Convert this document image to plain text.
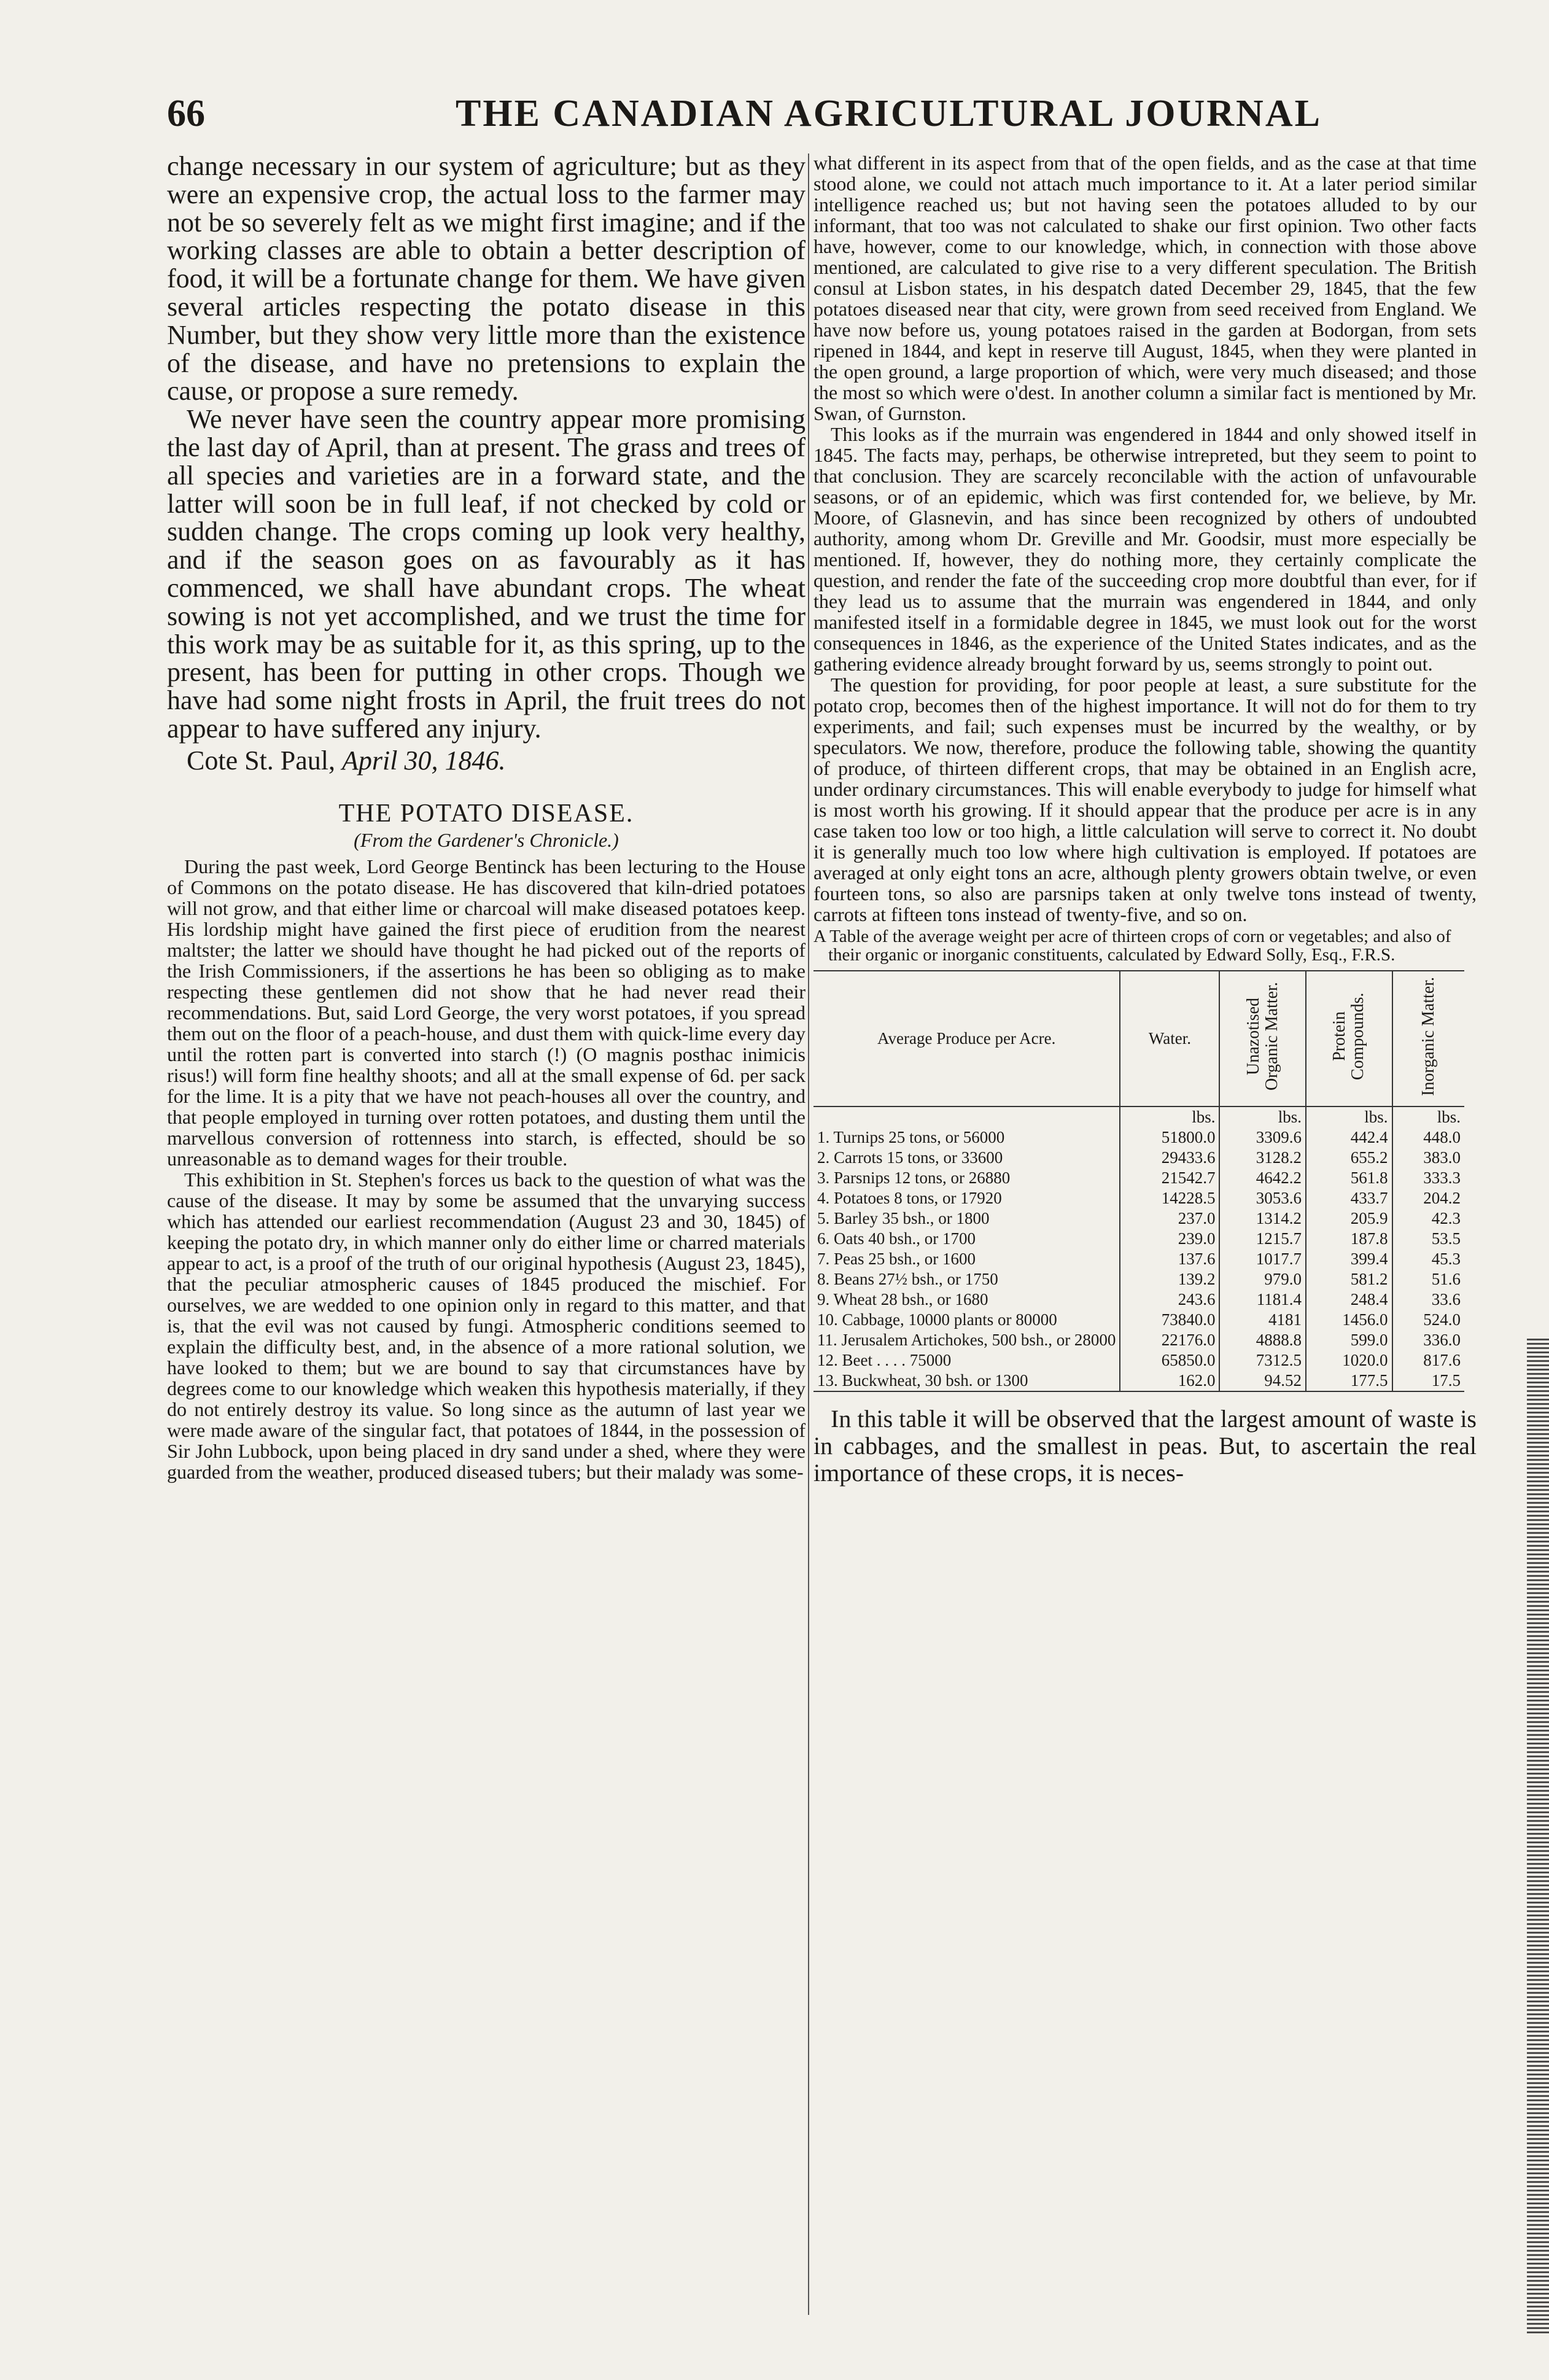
66	THE CANADIAN AGRICULTURAL JOURNAL

change necessary in our system of agriculture; but as they were an expensive crop, the actual loss to the farmer may not be so severely felt as we might first imagine; and if the working classes are able to obtain a better description of food, it will be a fortunate change for them. We have given several articles respecting the potato disease in this Number, but they show very little more than the existence of the disease, and have no pretensions to explain the cause, or propose a sure remedy.

We never have seen the country appear more promising the last day of April, than at present. The grass and trees of all species and varieties are in a forward state, and the latter will soon be in full leaf, if not checked by cold or sudden change. The crops coming up look very healthy, and if the season goes on as favourably as it has commenced, we shall have abundant crops. The wheat sowing is not yet accomplished, and we trust the time for this work may be as suitable for it, as this spring, up to the present, has been for putting in other crops. Though we have had some night frosts in April, the fruit trees do not appear to have suffered any injury.

Cote St. Paul, April 30, 1846.

THE POTATO DISEASE.

(From the Gardener's Chronicle.)

During the past week, Lord George Bentinck has been lecturing to the House of Commons on the potato disease. He has discovered that kiln-dried potatoes will not grow, and that either lime or charcoal will make diseased potatoes keep. His lordship might have gained the first piece of erudition from the nearest maltster; the latter we should have thought he had picked out of the reports of the Irish Commissioners, if the assertions he has been so obliging as to make respecting these gentlemen did not show that he had never read their recommendations. But, said Lord George, the very worst potatoes, if you spread them out on the floor of a peach-house, and dust them with quick-lime every day until the rotten part is converted into starch (!) (O magnis posthac inimicis risus!) will form fine healthy shoots; and all at the small expense of 6d. per sack for the lime. It is a pity that we have not peach-houses all over the country, and that people employed in turning over rotten potatoes, and dusting them until the marvellous conversion of rottenness into starch, is effected, should be so unreasonable as to demand wages for their trouble.

This exhibition in St. Stephen's forces us back to the question of what was the cause of the disease. It may by some be assumed that the unvarying success which has attended our earliest recommendation (August 23 and 30, 1845) of keeping the potato dry, in which manner only do either lime or charred materials appear to act, is a proof of the truth of our original hypothesis (August 23, 1845), that the peculiar atmospheric causes of 1845 produced the mischief. For ourselves, we are wedded to one opinion only in regard to this matter, and that is, that the evil was not caused by fungi. Atmospheric conditions seemed to explain the difficulty best, and, in the absence of a more rational solution, we have looked to them; but we are bound to say that circumstances have by degrees come to our knowledge which weaken this hypothesis materially, if they do not entirely destroy its value. So long since as the autumn of last year we were made aware of the singular fact, that potatoes of 1844, in the possession of Sir John Lubbock, upon being placed in dry sand under a shed, where they were guarded from the weather, produced diseased tubers; but their malady was some-

what different in its aspect from that of the open fields, and as the case at that time stood alone, we could not attach much importance to it. At a later period similar intelligence reached us; but not having seen the potatoes alluded to by our informant, that too was not calculated to shake our first opinion. Two other facts have, however, come to our knowledge, which, in connection with those above mentioned, are calculated to give rise to a very different speculation. The British consul at Lisbon states, in his despatch dated December 29, 1845, that the few potatoes diseased near that city, were grown from seed received from England. We have now before us, young potatoes raised in the garden at Bodorgan, from sets ripened in 1844, and kept in reserve till August, 1845, when they were planted in the open ground, a large proportion of which, were very much diseased; and those the most so which were o'dest. In another column a similar fact is mentioned by Mr. Swan, of Gurnston.

This looks as if the murrain was engendered in 1844 and only showed itself in 1845. The facts may, perhaps, be otherwise intrepreted, but they seem to point to that conclusion. They are scarcely reconcilable with the action of unfavourable seasons, or of an epidemic, which was first contended for, we believe, by Mr. Moore, of Glasnevin, and has since been recognized by others of undoubted authority, among whom Dr. Greville and Mr. Goodsir, must more especially be mentioned. If, however, they do nothing more, they certainly complicate the question, and render the fate of the succeeding crop more doubtful than ever, for if they lead us to assume that the murrain was engendered in 1844, and only manifested itself in a formidable degree in 1845, we must look out for the worst consequences in 1846, as the experience of the United States indicates, and as the gathering evidence already brought forward by us, seems strongly to point out.

The question for providing, for poor people at least, a sure substitute for the potato crop, becomes then of the highest importance. It will not do for them to try experiments, and fail; such expenses must be incurred by the wealthy, or by speculators. We now, therefore, produce the following table, showing the quantity of produce, of thirteen different crops, that may be obtained in an English acre, under ordinary circumstances. This will enable everybody to judge for himself what is most worth his growing. If it should appear that the produce per acre is in any case taken too low or too high, a little calculation will serve to correct it. No doubt it is generally much too low where high cultivation is employed. If potatoes are averaged at only eight tons an acre, although plenty growers obtain twelve, or even fourteen tons, so also are parsnips taken at only twelve tons instead of twenty, carrots at fifteen tons instead of twenty-five, and so on.

A Table of the average weight per acre of thirteen crops of corn or vegetables; and also of their organic or inorganic constituents, calculated by Edward Solly, Esq., F.R.S.

Average Produce per Acre.	Water.	Unazotised Organic Matter.	Protein Compounds.	Inorganic Matter.
	lbs.	lbs.	lbs.	lbs.
1. Turnips 25 tons, or 56000	51800.0	3309.6	442.4	448.0
2. Carrots 15 tons, or 33600	29433.6	3128.2	655.2	383.0
3. Parsnips 12 tons, or 26880	21542.7	4642.2	561.8	333.3
4. Potatoes 8 tons, or 17920	14228.5	3053.6	433.7	204.2
5. Barley 35 bsh., or 1800	237.0	1314.2	205.9	42.3
6. Oats 40 bsh., or 1700	239.0	1215.7	187.8	53.5
7. Peas 25 bsh., or 1600	137.6	1017.7	399.4	45.3
8. Beans 27½ bsh., or 1750	139.2	979.0	581.2	51.6
9. Wheat 28 bsh., or 1680	243.6	1181.4	248.4	33.6
10. Cabbage, 10000 plants or 80000	73840.0	4181	1456.0	524.0
11. Jerusalem Artichokes, 500 bsh., or 28000	22176.0	4888.8	599.0	336.0
12. Beet . . . . 75000	65850.0	7312.5	1020.0	817.6
13. Buckwheat, 30 bsh. or 1300	162.0	94.52	177.5	17.5

In this table it will be observed that the largest amount of waste is in cabbages, and the smallest in peas. But, to ascertain the real importance of these crops, it is neces-
